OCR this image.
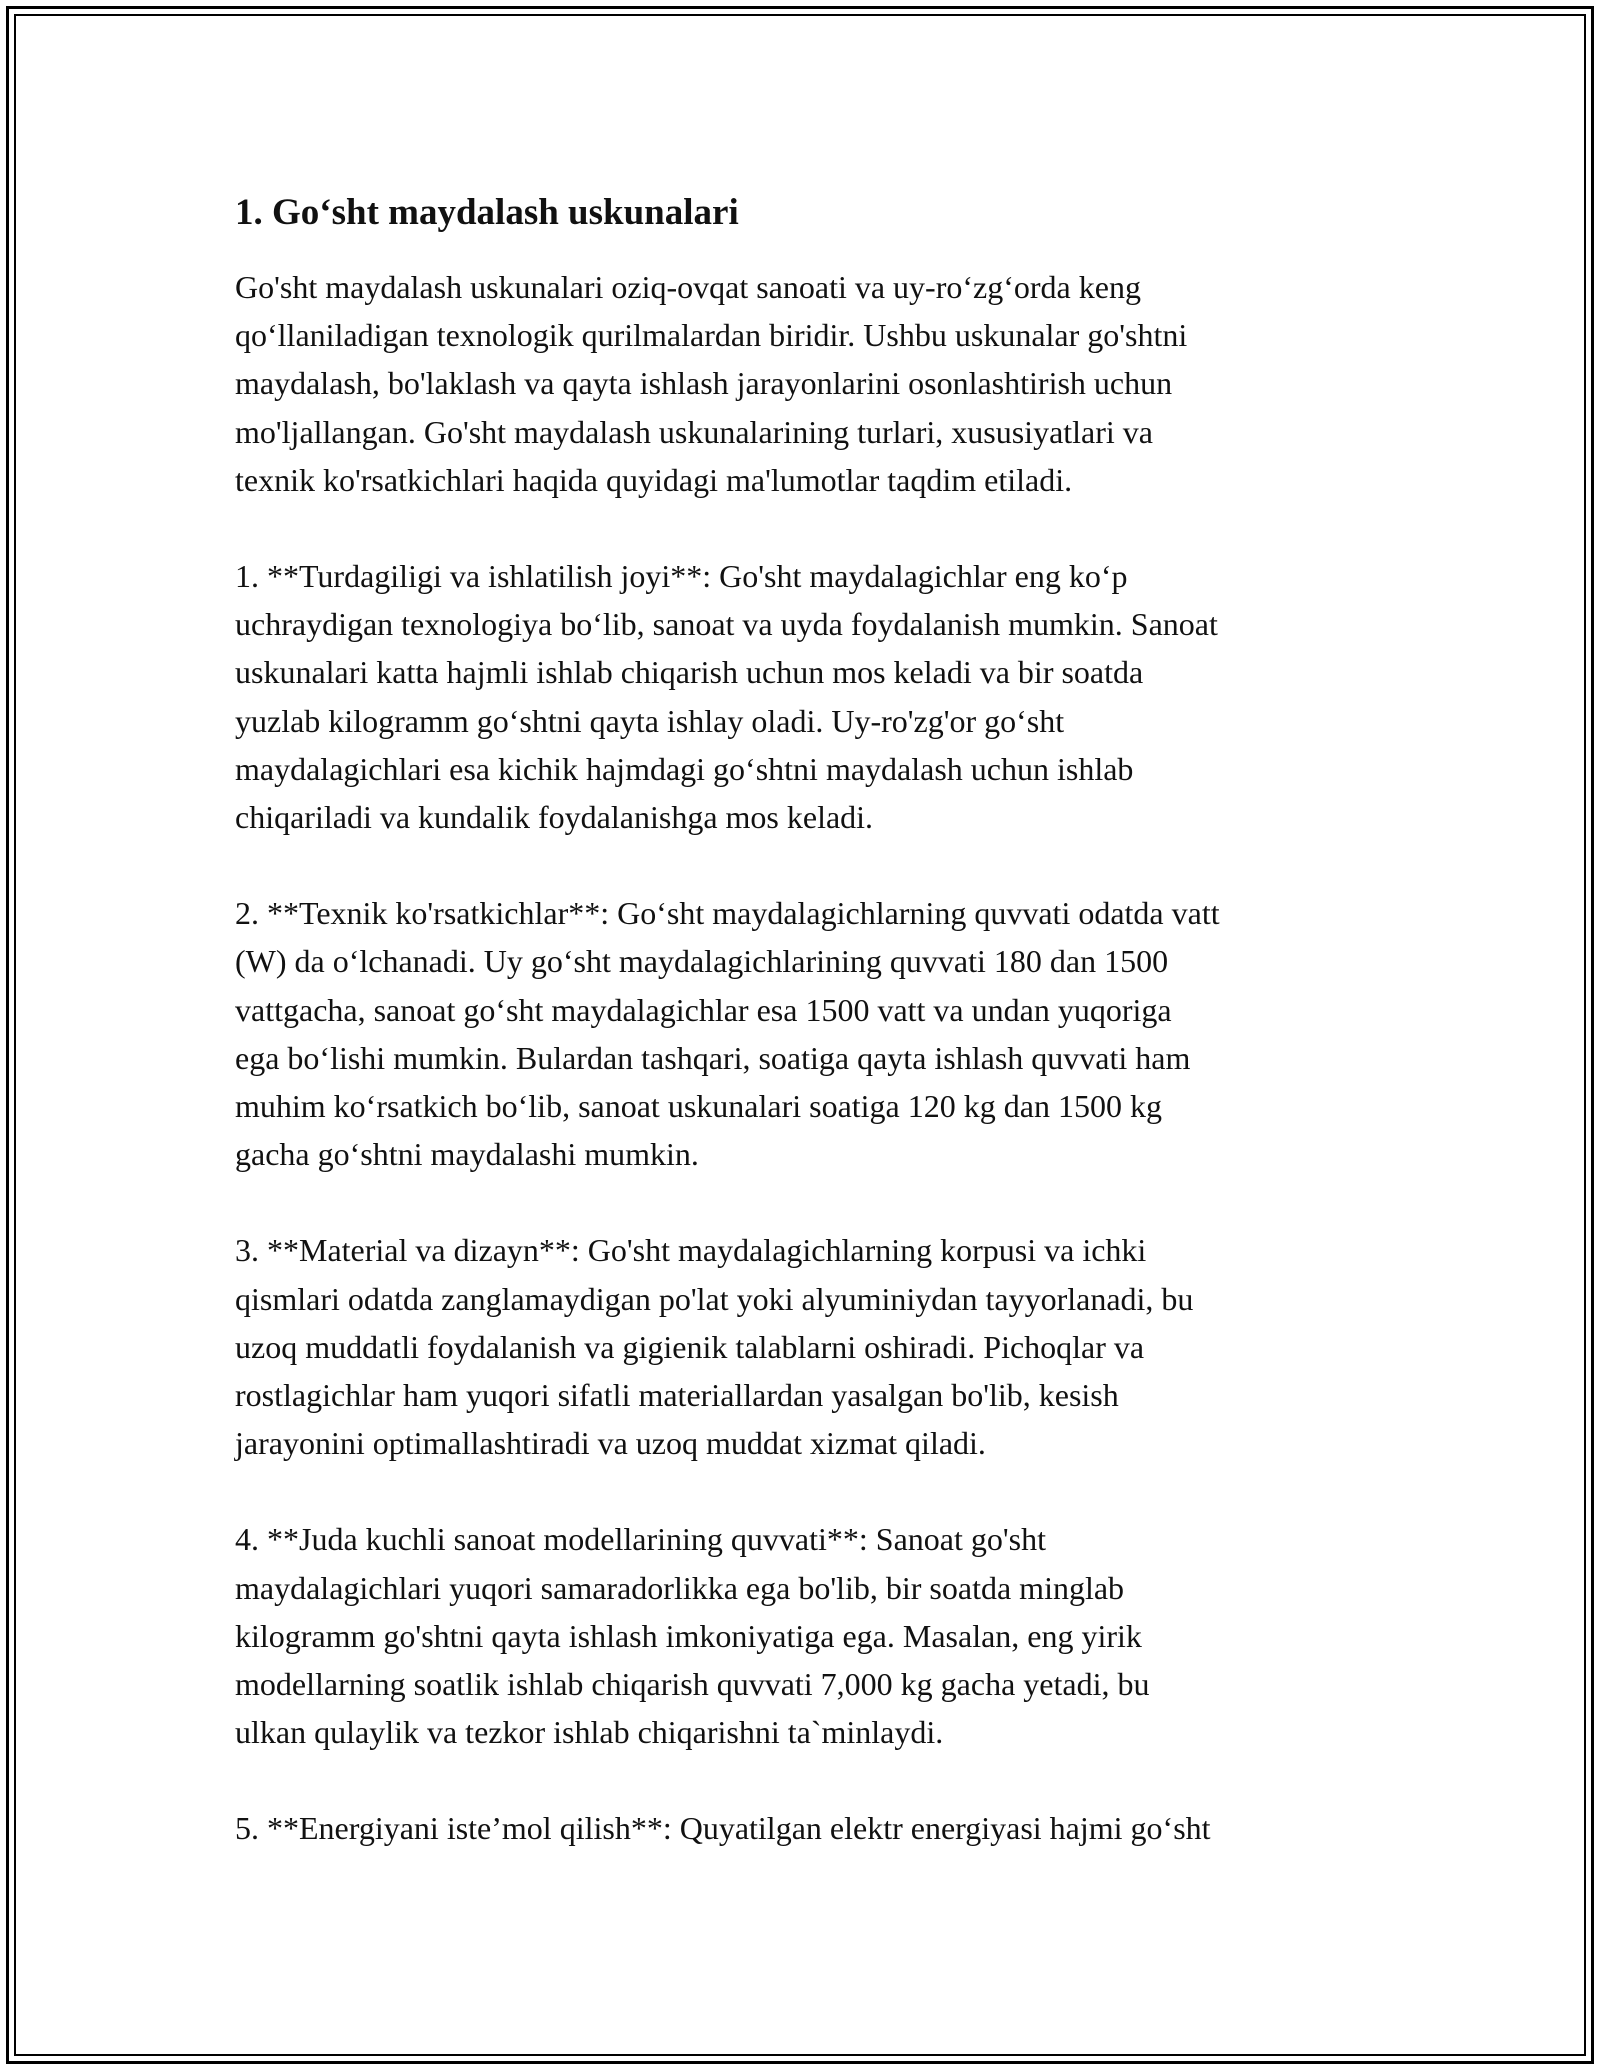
1. Go‘sht maydalash uskunalari

Go'sht maydalash uskunalari oziq-ovqat sanoati va uy-ro‘zg‘orda keng
qo‘llaniladigan texnologik qurilmalardan biridir. Ushbu uskunalar go'shtni
maydalash, bo'laklash va qayta ishlash jarayonlarini osonlashtirish uchun
mo'ljallangan. Go'sht maydalash uskunalarining turlari, xususiyatlari va
texnik ko'rsatkichlari haqida quyidagi ma'lumotlar taqdim etiladi.

1. **Turdagiligi va ishlatilish joyi**: Go'sht maydalagichlar eng ko‘p
uchraydigan texnologiya bo‘lib, sanoat va uyda foydalanish mumkin. Sanoat
uskunalari katta hajmli ishlab chiqarish uchun mos keladi va bir soatda
yuzlab kilogramm go‘shtni qayta ishlay oladi. Uy-ro'zg'or go‘sht
maydalagichlari esa kichik hajmdagi go‘shtni maydalash uchun ishlab
chiqariladi va kundalik foydalanishga mos keladi.

2. **Texnik ko'rsatkichlar**: Go‘sht maydalagichlarning quvvati odatda vatt
(W) da o‘lchanadi. Uy go‘sht maydalagichlarining quvvati 180 dan 1500
vattgacha, sanoat go‘sht maydalagichlar esa 1500 vatt va undan yuqoriga
ega bo‘lishi mumkin. Bulardan tashqari, soatiga qayta ishlash quvvati ham
muhim ko‘rsatkich bo‘lib, sanoat uskunalari soatiga 120 kg dan 1500 kg
gacha go‘shtni maydalashi mumkin.

3. **Material va dizayn**: Go'sht maydalagichlarning korpusi va ichki
qismlari odatda zanglamaydigan po'lat yoki alyuminiydan tayyorlanadi, bu
uzoq muddatli foydalanish va gigienik talablarni oshiradi. Pichoqlar va
rostlagichlar ham yuqori sifatli materiallardan yasalgan bo'lib, kesish
jarayonini optimallashtiradi va uzoq muddat xizmat qiladi.

4. **Juda kuchli sanoat modellarining quvvati**: Sanoat go'sht
maydalagichlari yuqori samaradorlikka ega bo'lib, bir soatda minglab
kilogramm go'shtni qayta ishlash imkoniyatiga ega. Masalan, eng yirik
modellarning soatlik ishlab chiqarish quvvati 7,000 kg gacha yetadi, bu
ulkan qulaylik va tezkor ishlab chiqarishni ta`minlaydi.

5. **Energiyani iste’mol qilish**: Quyatilgan elektr energiyasi hajmi go‘sht
